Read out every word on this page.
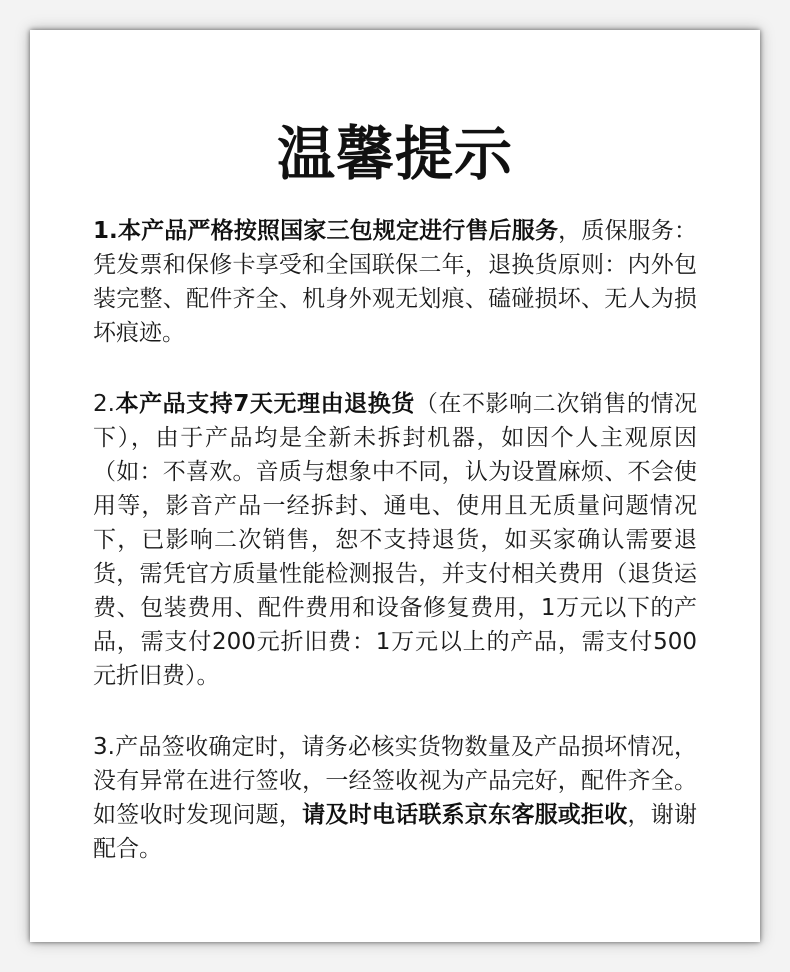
温馨提示

1.本产品严格按照国家三包规定进行售后服务，质保服务：凭发票和保修卡享受和全国联保二年，退换货原则：内外包装完整、配件齐全、机身外观无划痕、磕碰损坏、无人为损坏痕迹。

2.本产品支持7天无理由退换货（在不影响二次销售的情况下），由于产品均是全新未拆封机器，如因个人主观原因（如：不喜欢。音质与想象中不同，认为设置麻烦、不会使用等，影音产品一经拆封、通电、使用且无质量问题情况下，已影响二次销售，恕不支持退货，如买家确认需要退货，需凭官方质量性能检测报告，并支付相关费用（退货运费、包装费用、配件费用和设备修复费用，1万元以下的产品，需支付200元折旧费：1万元以上的产品，需支付500元折旧费）。

3.产品签收确定时，请务必核实货物数量及产品损坏情况，没有异常在进行签收，一经签收视为产品完好，配件齐全。如签收时发现问题，请及时电话联系京东客服或拒收，谢谢配合。
